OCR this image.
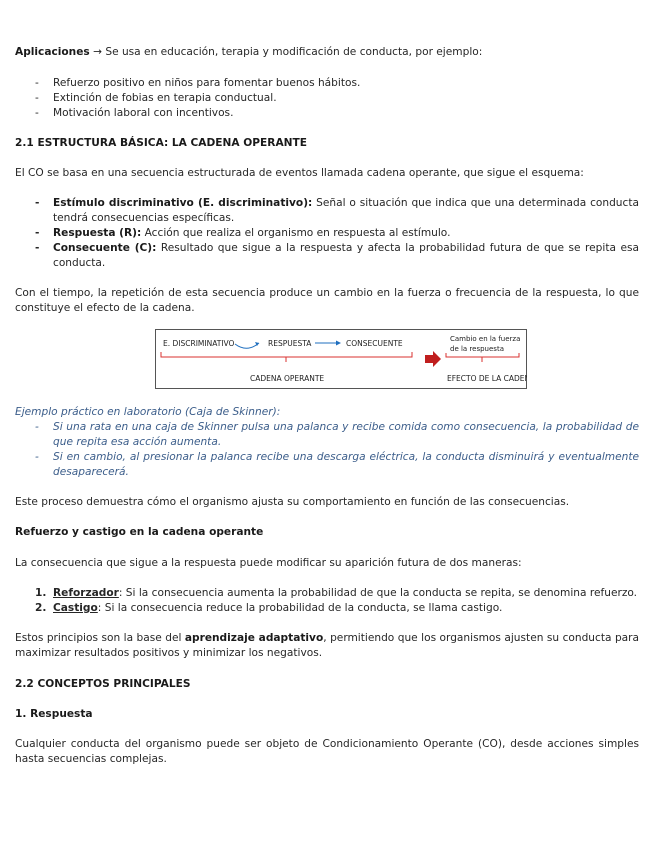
Aplicaciones → Se usa en educación, terapia y modificación de conducta, por ejemplo:

- Refuerzo positivo en niños para fomentar buenos hábitos.
- Extinción de fobias en terapia conductual.
- Motivación laboral con incentivos.

2.1 ESTRUCTURA BÁSICA: LA CADENA OPERANTE

El CO se basa en una secuencia estructurada de eventos llamada cadena operante, que sigue el esquema:

- Estímulo discriminativo (E. discriminativo): Señal o situación que indica que una determinada conducta tendrá consecuencias específicas.
- Respuesta (R): Acción que realiza el organismo en respuesta al estímulo.
- Consecuente (C): Resultado que sigue a la respuesta y afecta la probabilidad futura de que se repita esa conducta.

Con el tiempo, la repetición de esta secuencia produce un cambio en la fuerza o frecuencia de la respuesta, lo que constituye el efecto de la cadena.

E. DISCRIMINATIVO	RESPUESTA	CONSECUENTE
CADENA OPERANTE
Cambio en la fuerza
de la respuesta
EFECTO DE LA CADENA

Ejemplo práctico en laboratorio (Caja de Skinner):

- Si una rata en una caja de Skinner pulsa una palanca y recibe comida como consecuencia, la probabilidad de que repita esa acción aumenta.
- Si en cambio, al presionar la palanca recibe una descarga eléctrica, la conducta disminuirá y eventualmente desaparecerá.

Este proceso demuestra cómo el organismo ajusta su comportamiento en función de las consecuencias.

Refuerzo y castigo en la cadena operante

La consecuencia que sigue a la respuesta puede modificar su aparición futura de dos maneras:

1. Reforzador: Si la consecuencia aumenta la probabilidad de que la conducta se repita, se denomina refuerzo.
2. Castigo: Si la consecuencia reduce la probabilidad de la conducta, se llama castigo.

Estos principios son la base del aprendizaje adaptativo, permitiendo que los organismos ajusten su conducta para maximizar resultados positivos y minimizar los negativos.

2.2 CONCEPTOS PRINCIPALES

1. Respuesta

Cualquier conducta del organismo puede ser objeto de Condicionamiento Operante (CO), desde acciones simples hasta secuencias complejas.
